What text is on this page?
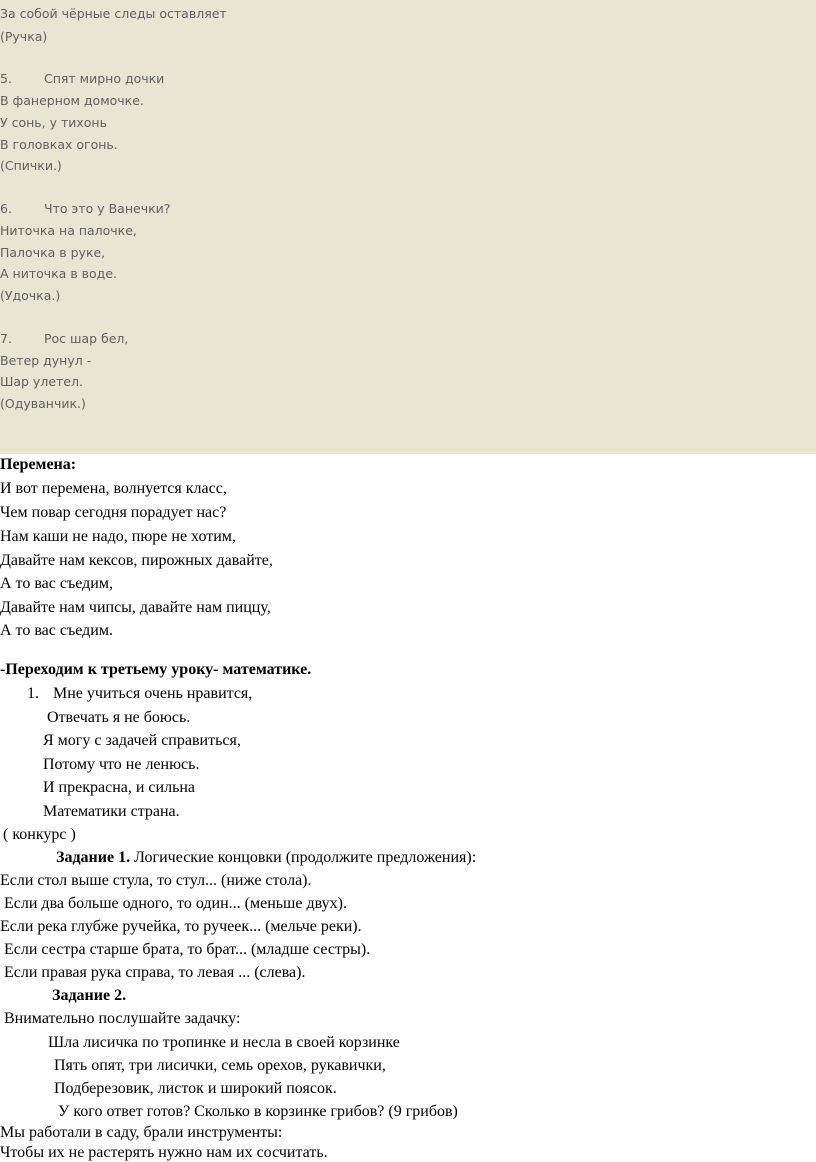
За собой чёрные следы оставляет
(Ручка)
5.	Спят мирно дочки
В фанерном домочке.
У сонь, у тихонь
В головках огонь.
(Спички.)
6.	Что это у Ванечки?
Ниточка на палочке,
Палочка в руке,
А ниточка в воде.
(Удочка.)
7.	Рос шар бел,
Ветер дунул -
Шар улетел.
(Одуванчик.)
Перемена:
И вот перемена, волнуется класс,
Чем повар сегодня порадует нас?
Нам каши не надо, пюре не хотим,
Давайте нам кексов, пирожных давайте,
А то вас съедим,
Давайте нам чипсы, давайте нам пиццу,
А то вас съедим.
-Переходим к третьему уроку- математике.
1. Мне учиться очень нравится,
Отвечать я не боюсь.
Я могу с задачей справиться,
Потому что не ленюсь.
И прекрасна, и сильна
Математики страна.
( конкурс )
Задание 1. Логические концовки (продолжите предложения):
Если стол выше стула, то стул... (ниже стола).
Если два больше одного, то один... (меньше двух).
Если река глубже ручейка, то ручеек... (мельче реки).
Если сестра старше брата, то брат... (младше сестры).
Если правая рука справа, то левая ... (слева).
Задание 2.
Внимательно послушайте задачку:
Шла лисичка по тропинке и несла в своей корзинке
Пять опят, три лисички, семь орехов, рукавички,
Подберезовик, листок и широкий поясок.
У кого ответ готов? Сколько в корзинке грибов? (9 грибов)
Мы работали в саду, брали инструменты:
Чтобы их не растерять нужно нам их сосчитать.
